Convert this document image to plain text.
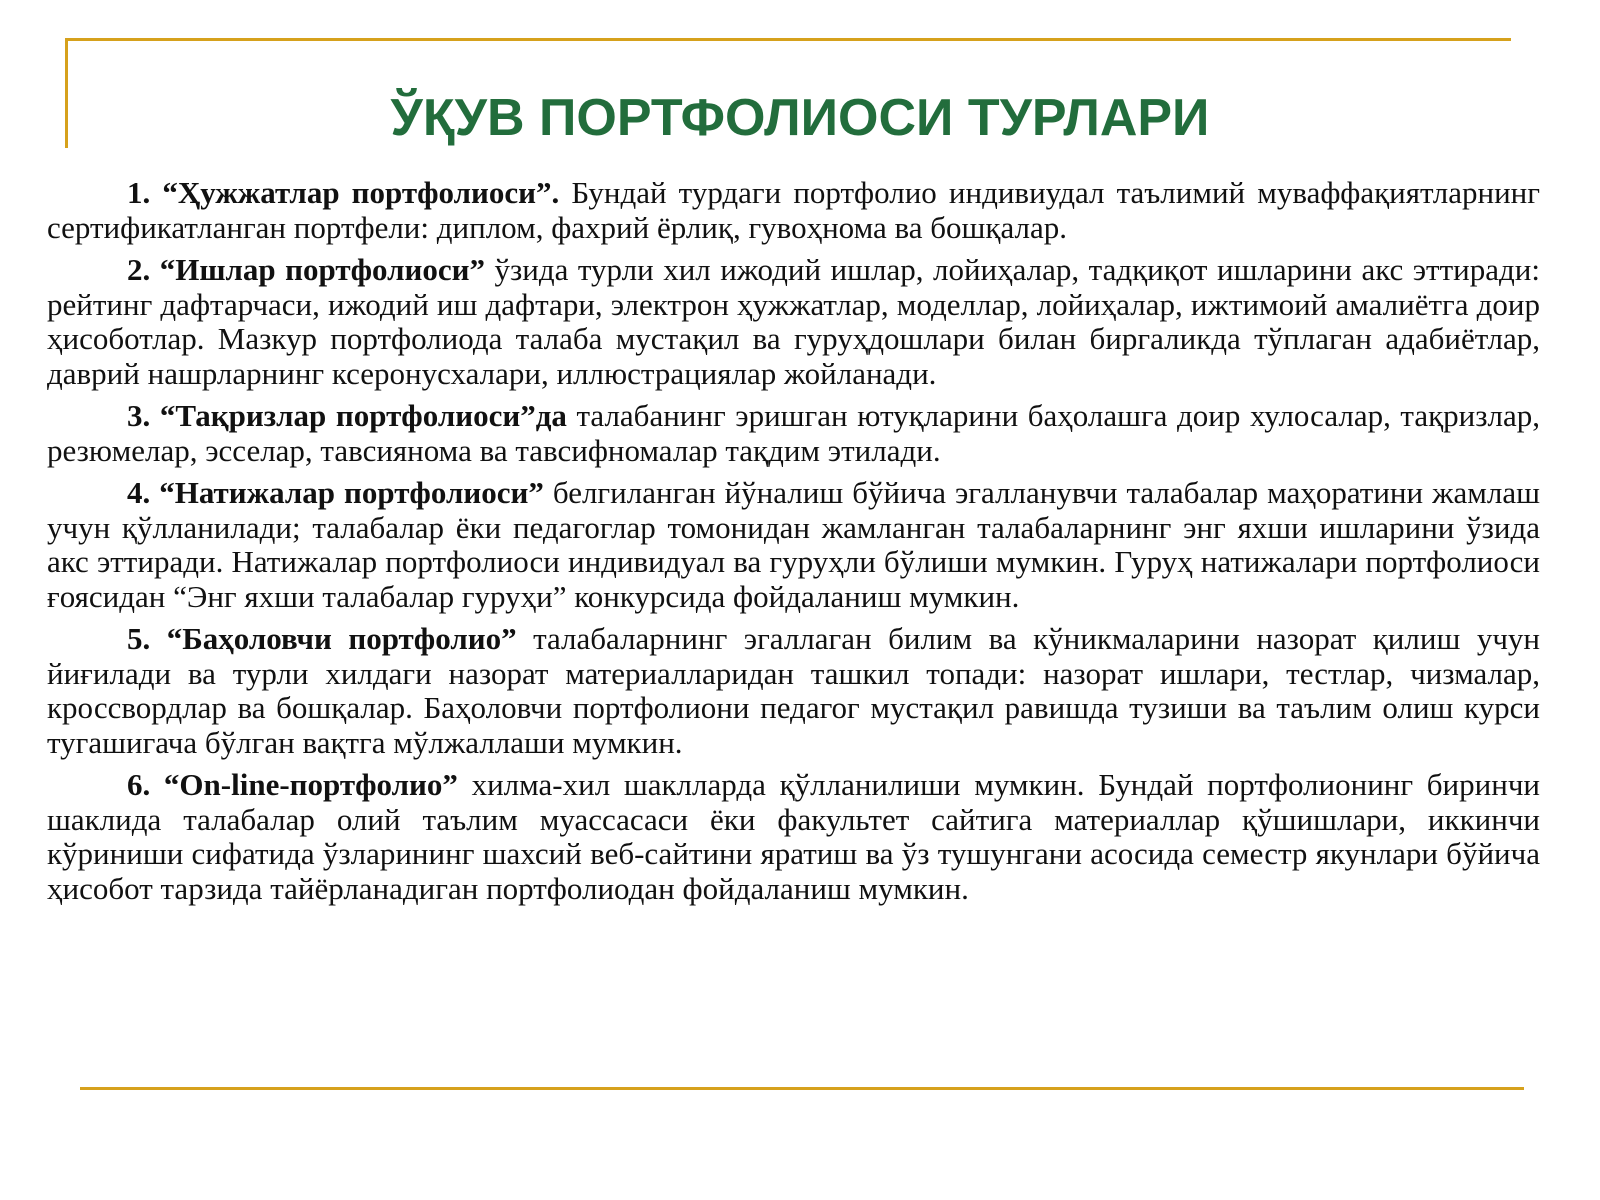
ЎҚУВ ПОРТФОЛИОСИ ТУРЛАРИ

1. “Ҳужжатлар портфолиоси”. Бундай турдаги портфолио индивиудал таълимий муваффақиятларнинг сертификатланган портфели: диплом, фахрий ёрлиқ, гувоҳнома ва бошқалар.

2. “Ишлар портфолиоси” ўзида турли хил ижодий ишлар, лойиҳалар, тадқиқот ишларини акс эттиради: рейтинг дафтарчаси, ижодий иш дафтари, электрон ҳужжатлар, моделлар, лойиҳалар, ижтимоий амалиётга доир ҳисоботлар. Мазкур портфолиода талаба мустақил ва гуруҳдошлари билан биргаликда тўплаган адабиётлар, даврий нашрларнинг ксеронусхалари, иллюстрациялар жойланади.

3. “Тақризлар портфолиоси”да талабанинг эришган ютуқларини баҳолашга доир хулосалар, тақризлар, резюмелар, эсселар, тавсиянома ва тавсифномалар тақдим этилади.

4. “Натижалар портфолиоси” белгиланган йўналиш бўйича эгалланувчи талабалар маҳоратини жамлаш учун қўлланилади; талабалар ёки педагоглар томонидан жамланган талабаларнинг энг яхши ишларини ўзида акс эттиради. Натижалар портфолиоси индивидуал ва гуруҳли бўлиши мумкин. Гуруҳ натижалари портфолиоси ғоясидан “Энг яхши талабалар гуруҳи” конкурсида фойдаланиш мумкин.

5. “Баҳоловчи портфолио” талабаларнинг эгаллаган билим ва кўникмаларини назорат қилиш учун йиғилади ва турли хилдаги назорат материалларидан ташкил топади: назорат ишлари, тестлар, чизмалар, кроссвордлар ва бошқалар. Баҳоловчи портфолиони педагог мустақил равишда тузиши ва таълим олиш курси тугашигача бўлган вақтга мўлжаллаши мумкин.

6. “On-line-портфолио” хилма-хил шаклларда қўлланилиши мумкин. Бундай портфолионинг биринчи шаклида талабалар олий таълим муассасаси ёки факультет сайтига материаллар қўшишлари, иккинчи кўриниши сифатида ўзларининг шахсий веб-сайтини яратиш ва ўз тушунгани асосида семестр якунлари бўйича ҳисобот тарзида тайёрланадиган портфолиодан фойдаланиш мумкин.
